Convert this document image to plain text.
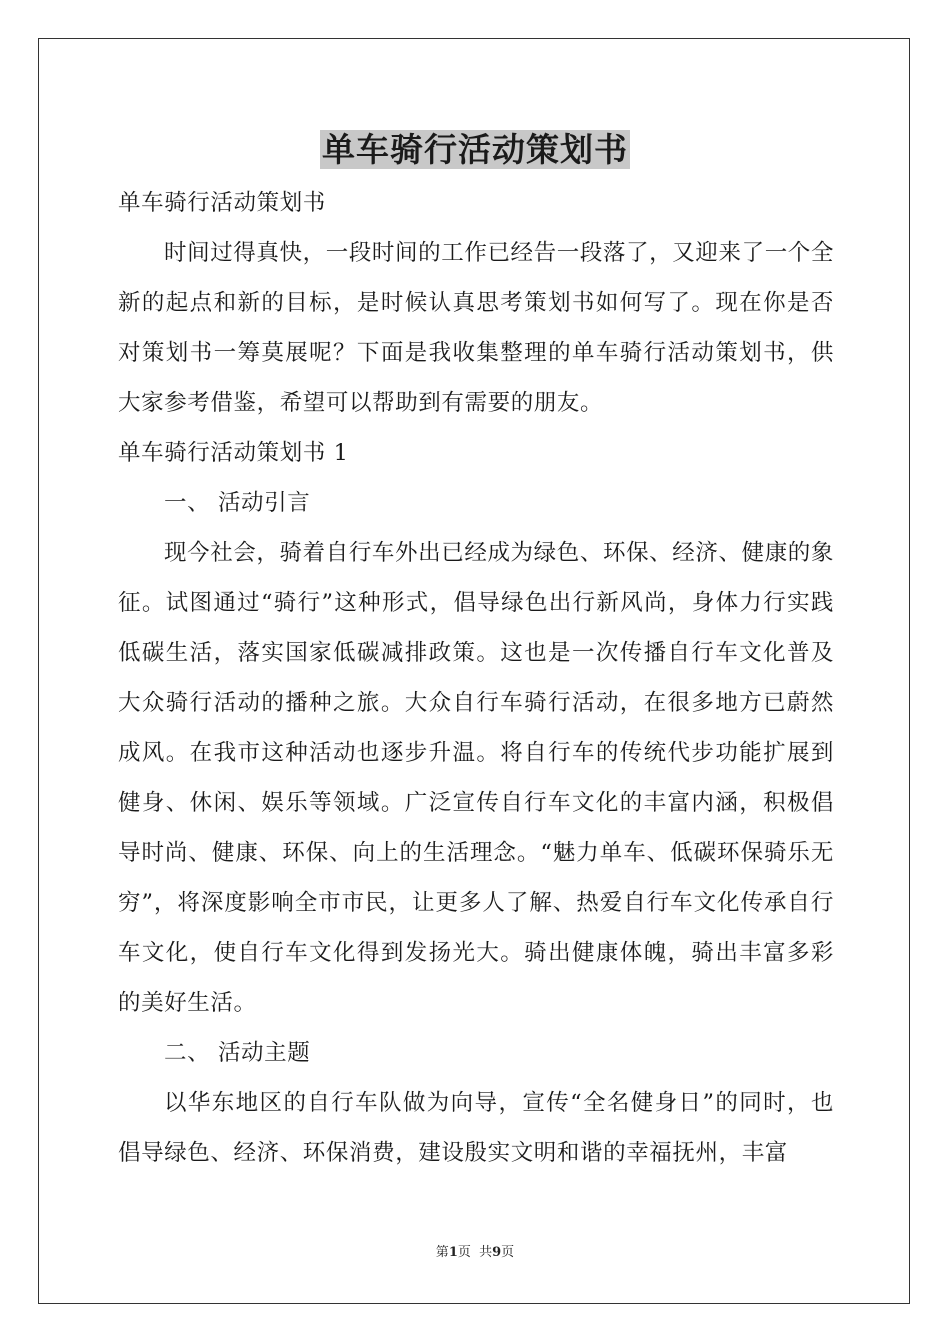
单车骑行活动策划书

单车骑行活动策划书

时间过得真快，一段时间的工作已经告一段落了，又迎来了一个全新的起点和新的目标，是时候认真思考策划书如何写了。现在你是否对策划书一筹莫展呢？下面是我收集整理的单车骑行活动策划书，供大家参考借鉴，希望可以帮助到有需要的朋友。

单车骑行活动策划书 1

一、 活动引言

现今社会，骑着自行车外出已经成为绿色、环保、经济、健康的象征。试图通过“骑行”这种形式，倡导绿色出行新风尚，身体力行实践低碳生活，落实国家低碳减排政策。这也是一次传播自行车文化普及大众骑行活动的播种之旅。大众自行车骑行活动，在很多地方已蔚然成风。在我市这种活动也逐步升温。将自行车的传统代步功能扩展到健身、休闲、娱乐等领域。广泛宣传自行车文化的丰富内涵，积极倡导时尚、健康、环保、向上的生活理念。“魅力单车、低碳环保骑乐无穷”，将深度影响全市市民，让更多人了解、热爱自行车文化传承自行车文化，使自行车文化得到发扬光大。骑出健康体魄，骑出丰富多彩的美好生活。

二、 活动主题

以华东地区的自行车队做为向导，宣传“全名健身日”的同时，也倡导绿色、经济、环保消费，建设殷实文明和谐的幸福抚州，丰富

第1页  共9页
